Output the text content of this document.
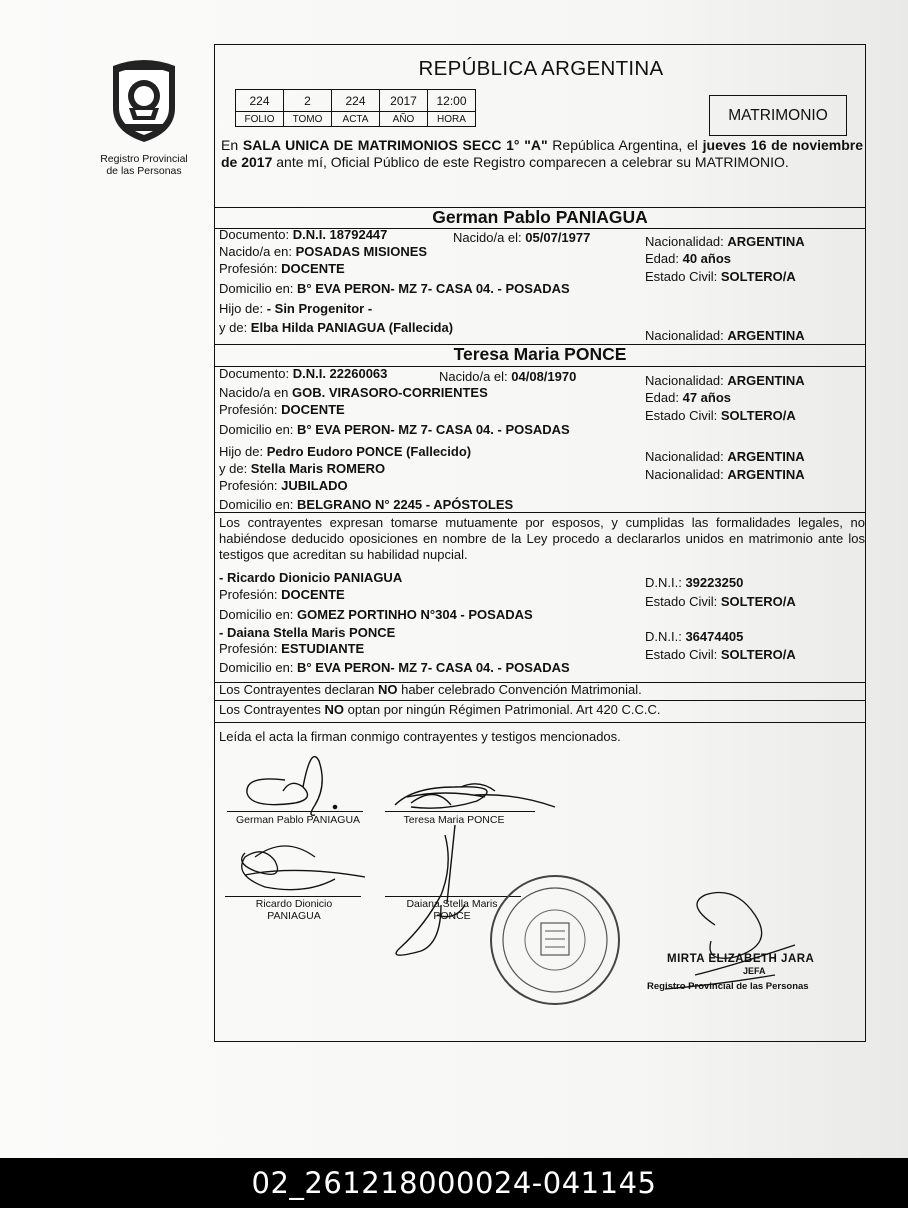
Registro Provincial
de las Personas
REPÚBLICA ARGENTINA
224	2	224	2017	12:00
FOLIO	TOMO	ACTA	AÑO	HORA	MATRIMONIO
En SALA UNICA DE MATRIMONIOS SECC 1° "A" República Argentina, el jueves 16 de noviembre de 2017 ante mí, Oficial Público de este Registro comparecen a celebrar su MATRIMONIO.
German Pablo PANIAGUA
Documento: D.N.I. 18792447	Nacido/a el: 05/07/1977	Nacionalidad: ARGENTINA
Nacido/a en: POSADAS MISIONES	Edad: 40 años
Profesión: DOCENTE
Estado Civil: SOLTERO/A
Domicilio en: B° EVA PERON- MZ 7- CASA 04. - POSADAS
Hijo de: - Sin Progenitor -
y de: Elba Hilda PANIAGUA (Fallecida)
Nacionalidad: ARGENTINA
Teresa Maria PONCE
Documento: D.N.I. 22260063	Nacido/a el: 04/08/1970	Nacionalidad: ARGENTINA
Nacido/a en GOB. VIRASORO-CORRIENTES	Edad: 47 años
Profesión: DOCENTE	Estado Civil: SOLTERO/A
Domicilio en: B° EVA PERON- MZ 7- CASA 04. - POSADAS
Hijo de: Pedro Eudoro PONCE (Fallecido)	Nacionalidad: ARGENTINA
y de: Stella Maris ROMERO	Nacionalidad: ARGENTINA
Profesión: JUBILADO
Domicilio en: BELGRANO N° 2245 - APÓSTOLES
Los contrayentes expresan tomarse mutuamente por esposos, y cumplidas las formalidades legales, no habiéndose deducido oposiciones en nombre de la Ley procedo a declararlos unidos en matrimonio ante los testigos que acreditan su habilidad nupcial.
- Ricardo Dionicio PANIAGUA	D.N.I.: 39223250
Profesión: DOCENTE	Estado Civil: SOLTERO/A
Domicilio en: GOMEZ PORTINHO N°304 - POSADAS
- Daiana Stella Maris PONCE	D.N.I.: 36474405
Profesión: ESTUDIANTE	Estado Civil: SOLTERO/A
Domicilio en: B° EVA PERON- MZ 7- CASA 04. - POSADAS
Los Contrayentes declaran NO haber celebrado Convención Matrimonial.
Los Contrayentes NO optan por ningún Régimen Patrimonial. Art 420 C.C.C.
Leída el acta la firman conmigo contrayentes y testigos mencionados.
German Pablo PANIAGUA	Teresa Maria PONCE
Ricardo Dionicio
PANIAGUA
Daiana Stella Maris
PONCE
MIRTA ELIZABETH JARA
JEFA
Registro Provincial de las Personas
02_261218000024-041145
